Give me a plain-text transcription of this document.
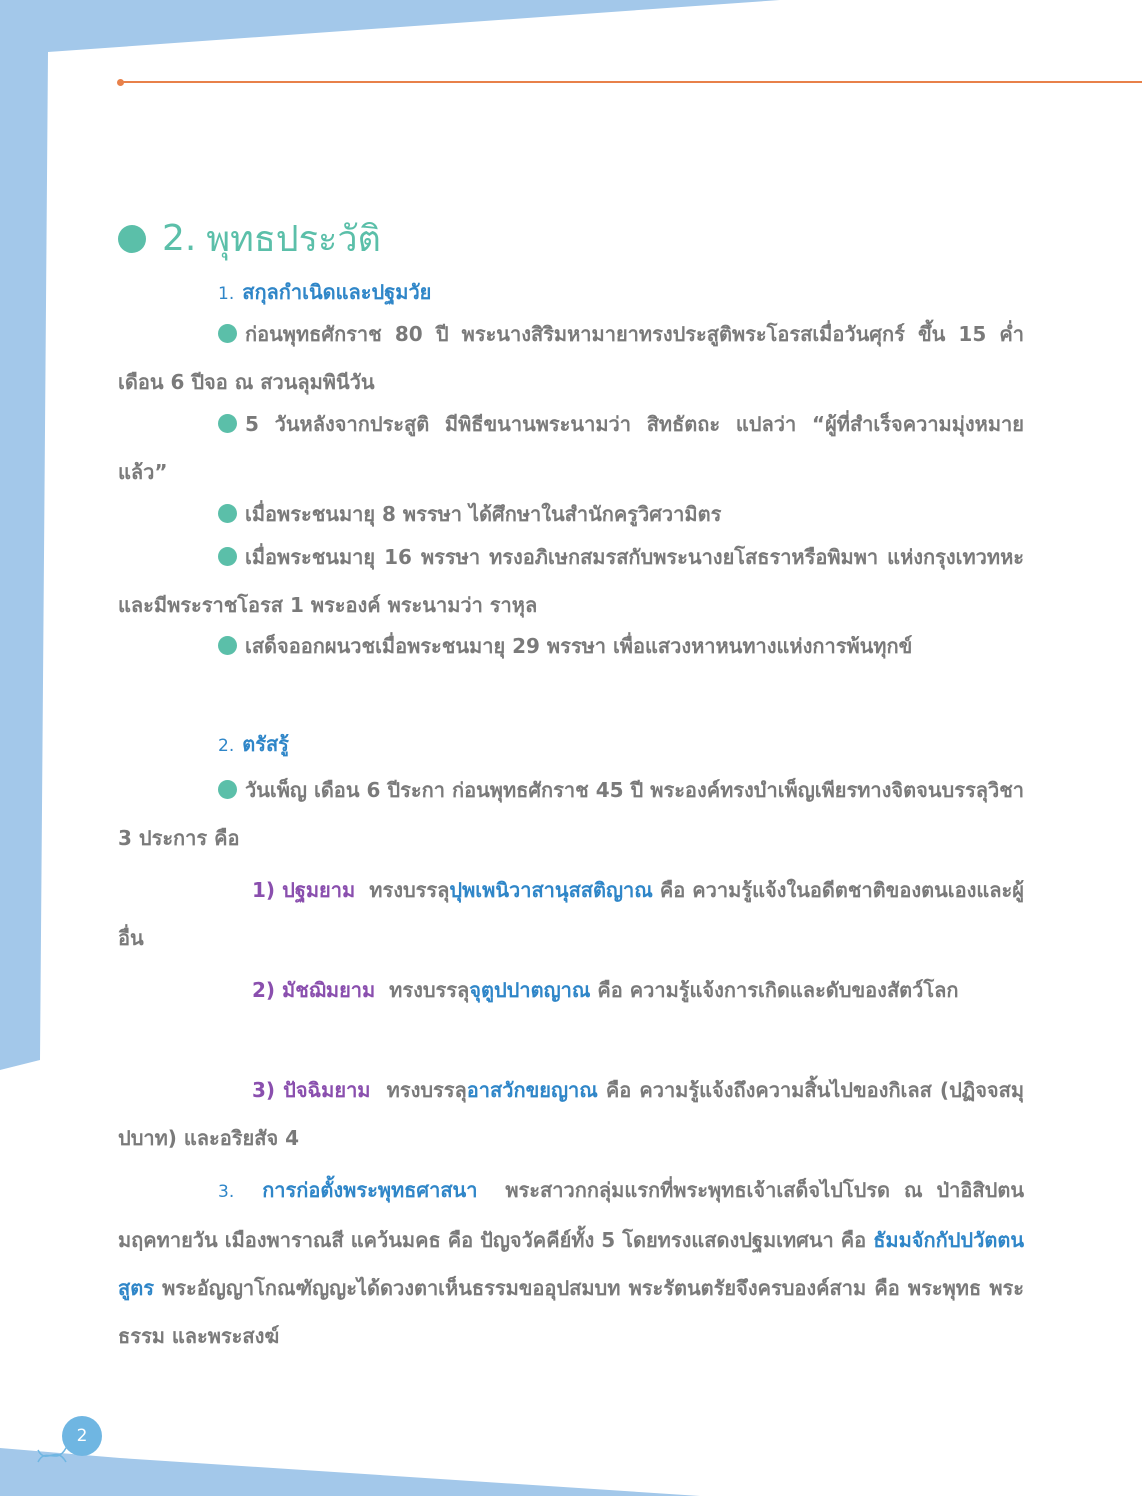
2. พุทธประวัติ
1. สกุลกำเนิดและปฐมวัย
ก่อนพุทธศักราช 80 ปี พระนางสิริมหามายาทรงประสูติพระโอรสเมื่อวันศุกร์ ขึ้น 15 ค่ำ เดือน 6 ปีจอ ณ สวนลุมพินีวัน
5 วันหลังจากประสูติ มีพิธีขนานพระนามว่า สิทธัตถะ แปลว่า “ผู้ที่สำเร็จความมุ่งหมายแล้ว”
เมื่อพระชนมายุ 8 พรรษา ได้ศึกษาในสำนักครูวิศวามิตร
เมื่อพระชนมายุ 16 พรรษา ทรงอภิเษกสมรสกับพระนางยโสธราหรือพิมพา แห่งกรุงเทวทหะ และมีพระราชโอรส 1 พระองค์ พระนามว่า ราหุล
เสด็จออกผนวชเมื่อพระชนมายุ 29 พรรษา เพื่อแสวงหาหนทางแห่งการพ้นทุกข์
2. ตรัสรู้
วันเพ็ญ เดือน 6 ปีระกา ก่อนพุทธศักราช 45 ปี พระองค์ทรงบำเพ็ญเพียรทางจิตจนบรรลุวิชา 3 ประการ คือ
1) ปฐมยาม ทรงบรรลุปุพเพนิวาสานุสสติญาณ คือ ความรู้แจ้งในอดีตชาติของตนเองและผู้อื่น
2) มัชฌิมยาม ทรงบรรลุจุตูปปาตญาณ คือ ความรู้แจ้งการเกิดและดับของสัตว์โลก
3) ปัจฉิมยาม ทรงบรรลุอาสวักขยญาณ คือ ความรู้แจ้งถึงความสิ้นไปของกิเลส (ปฏิจจสมุปบาท) และอริยสัจ 4
3. การก่อตั้งพระพุทธศาสนา พระสาวกกลุ่มแรกที่พระพุทธเจ้าเสด็จไปโปรด ณ ป่าอิสิปตนมฤคทายวัน เมืองพาราณสี แคว้นมคธ คือ ปัญจวัคคีย์ทั้ง 5 โดยทรงแสดงปฐมเทศนา คือ ธัมมจักกัปปวัตตนสูตร พระอัญญาโกณฑัญญะได้ดวงตาเห็นธรรมขออุปสมบท พระรัตนตรัยจึงครบองค์สาม คือ พระพุทธ พระธรรม และพระสงฆ์
2
